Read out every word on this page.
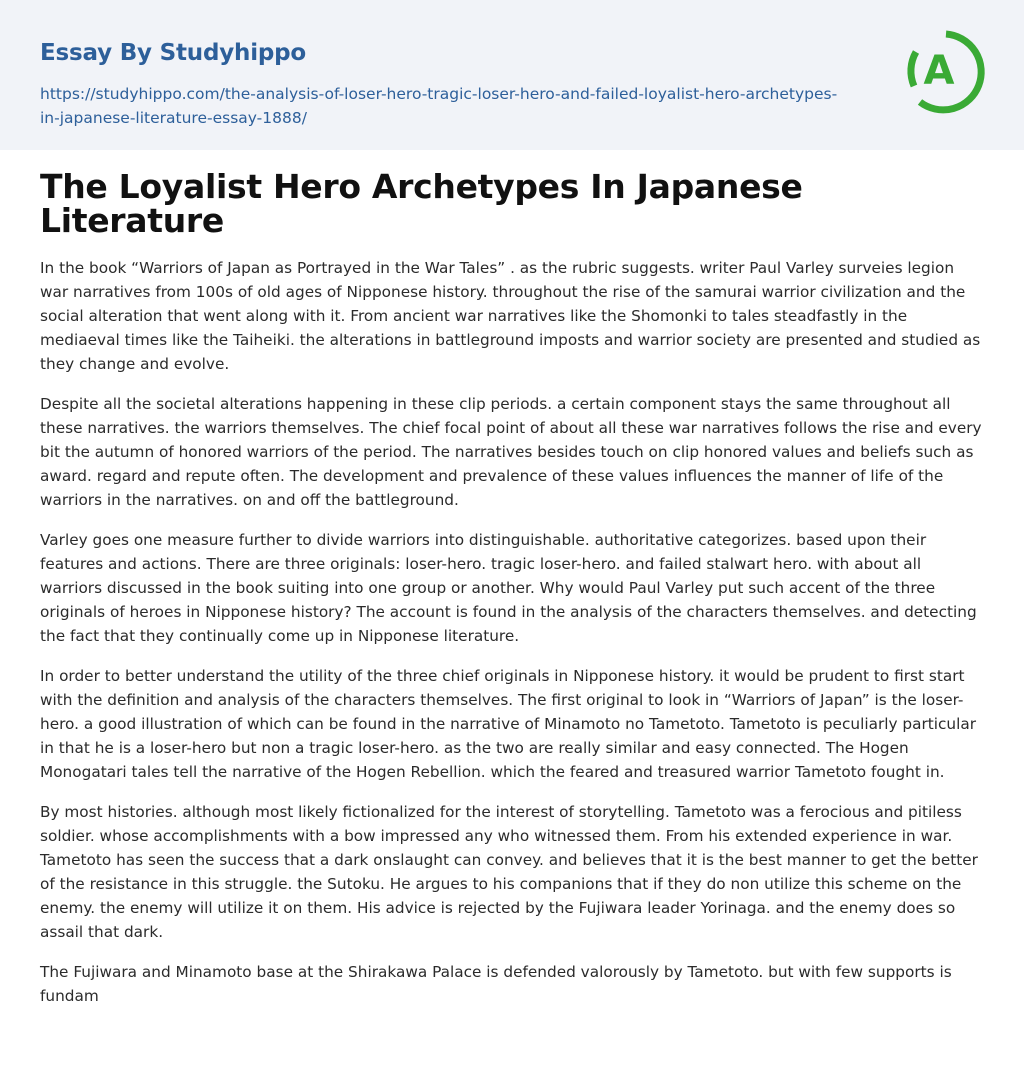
Essay By Studyhippo
https://studyhippo.com/the-analysis-of-loser-hero-tragic-loser-hero-and-failed-loyalist-hero-archetypes-in-japanese-literature-essay-1888/
A
The Loyalist Hero Archetypes In Japanese Literature

In the book “Warriors of Japan as Portrayed in the War Tales” . as the rubric suggests. writer Paul Varley surveies legion war narratives from 100s of old ages of Nipponese history. throughout the rise of the samurai warrior civilization and the social alteration that went along with it. From ancient war narratives like the Shomonki to tales steadfastly in the mediaeval times like the Taiheiki. the alterations in battleground imposts and warrior society are presented and studied as they change and evolve.

Despite all the societal alterations happening in these clip periods. a certain component stays the same throughout all these narratives. the warriors themselves. The chief focal point of about all these war narratives follows the rise and every bit the autumn of honored warriors of the period. The narratives besides touch on clip honored values and beliefs such as award. regard and repute often. The development and prevalence of these values influences the manner of life of the warriors in the narratives. on and off the battleground.

Varley goes one measure further to divide warriors into distinguishable. authoritative categorizes. based upon their features and actions. There are three originals: loser-hero. tragic loser-hero. and failed stalwart hero. with about all warriors discussed in the book suiting into one group or another. Why would Paul Varley put such accent of the three originals of heroes in Nipponese history? The account is found in the analysis of the characters themselves. and detecting the fact that they continually come up in Nipponese literature.

In order to better understand the utility of the three chief originals in Nipponese history. it would be prudent to first start with the definition and analysis of the characters themselves. The first original to look in “Warriors of Japan” is the loser-hero. a good illustration of which can be found in the narrative of Minamoto no Tametoto. Tametoto is peculiarly particular in that he is a loser-hero but non a tragic loser-hero. as the two are really similar and easy connected. The Hogen Monogatari tales tell the narrative of the Hogen Rebellion. which the feared and treasured warrior Tametoto fought in.

By most histories. although most likely fictionalized for the interest of storytelling. Tametoto was a ferocious and pitiless soldier. whose accomplishments with a bow impressed any who witnessed them. From his extended experience in war. Tametoto has seen the success that a dark onslaught can convey. and believes that it is the best manner to get the better of the resistance in this struggle. the Sutoku. He argues to his companions that if they do non utilize this scheme on the enemy. the enemy will utilize it on them. His advice is rejected by the Fujiwara leader Yorinaga. and the enemy does so assail that dark.

The Fujiwara and Minamoto base at the Shirakawa Palace is defended valorously by Tametoto. but with few supports is fundam
